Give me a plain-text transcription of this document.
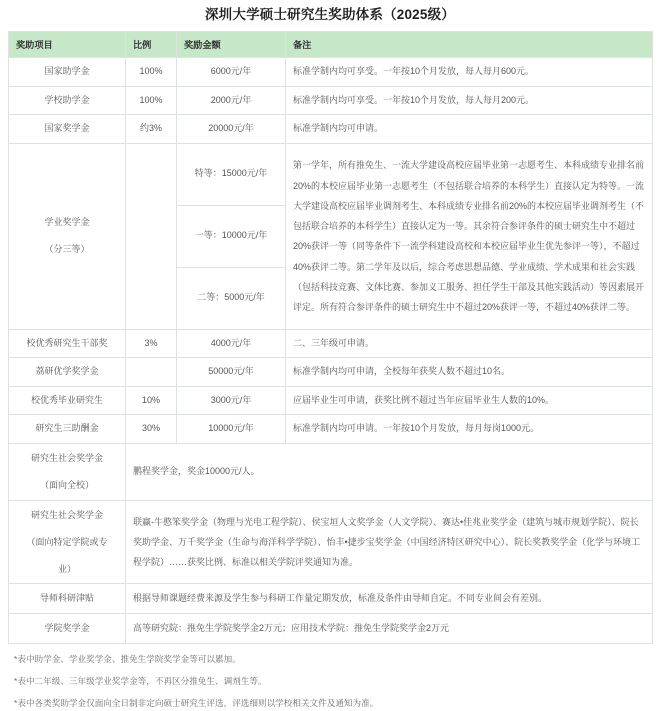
深圳大学硕士研究生奖助体系（2025级）
奖助项目	比例	奖励金额	备注
国家助学金	100%	6000元/年	标准学制内均可享受。一年按10个月发放，每人每月600元。
学校助学金	100%	2000元/年	标准学制内均可享受。一年按10个月发放，每人每月200元。
国家奖学金	约3%	20000元/年	标准学制内均可申请。

学业奖学金
（分三等）		特等：15000元/年	第一学年，所有推免生、一流大学建设高校应届毕业第一志愿考生、本科成绩专业排名前20%的本校应届毕业第一志愿考生（不包括联合培养的本科学生）直接认定为特等。一流大学建设高校应届毕业调剂考生、本科成绩专业排名前20%的本校应届毕业调剂考生（不包括联合培养的本科学生）直接认定为一等。其余符合参评条件的硕士研究生中不超过20%获评一等（同等条件下一流学科建设高校和本校应届毕业生优先参评一等），不超过40%获评二等。第二学年及以后，综合考虑思想品德、学业成绩、学术成果和社会实践（包括科技竞赛、文体比赛、参加义工服务、担任学生干部及其他实践活动）等因素展开评定。所有符合参评条件的硕士研究生中不超过20%获评一等，不超过40%获评二等。
		一等：10000元/年	
		二等：5000元/年	
校优秀研究生干部奖	3%	4000元/年	二、三年级可申请。
荔研优学奖学金		50000元/年	标准学制内均可申请，全校每年获奖人数不超过10名。
校优秀毕业研究生	10%	3000元/年	应届毕业生可申请，获奖比例不超过当年应届毕业生人数的10%。
研究生三助酬金	30%	10000元/年	标准学制内均可申请。一年按10个月发放，每月每岗1000元。

研究生社会奖学金
（面向全校）	鹏程奖学金，奖金10000元/人。		

研究生社会奖学金
（面向特定学院或专
业）	联赢-牛憨笨奖学金（物理与光电工程学院）、侯宝垣人文奖学金（人文学院）、赛达•佳兆业奖学金（建筑与城市规划学院）、院长奖助学金、万千奖学金（生命与海洋科学学院）、怡丰•捷步宝奖学金（中国经济特区研究中心）、院长奖教奖学金（化学与环境工程学院）……获奖比例、标准以相关学院评奖通知为准。		
导师科研津贴	根据导师课题经费来源及学生参与科研工作量定期发放，标准及条件由导师自定。不同专业间会有差别。		
学院奖学金	高等研究院：推免生学院奖学金2万元；应用技术学院：推免生学院奖学金2万元		

*表中助学金、学业奖学金、推免生学院奖学金等可以累加。

*表中二年级、三年级学业奖学金等，不再区分推免生、调剂生等。

*表中各类奖助学金仅面向全日制非定向硕士研究生评选，评选细则以学校相关文件及通知为准。
